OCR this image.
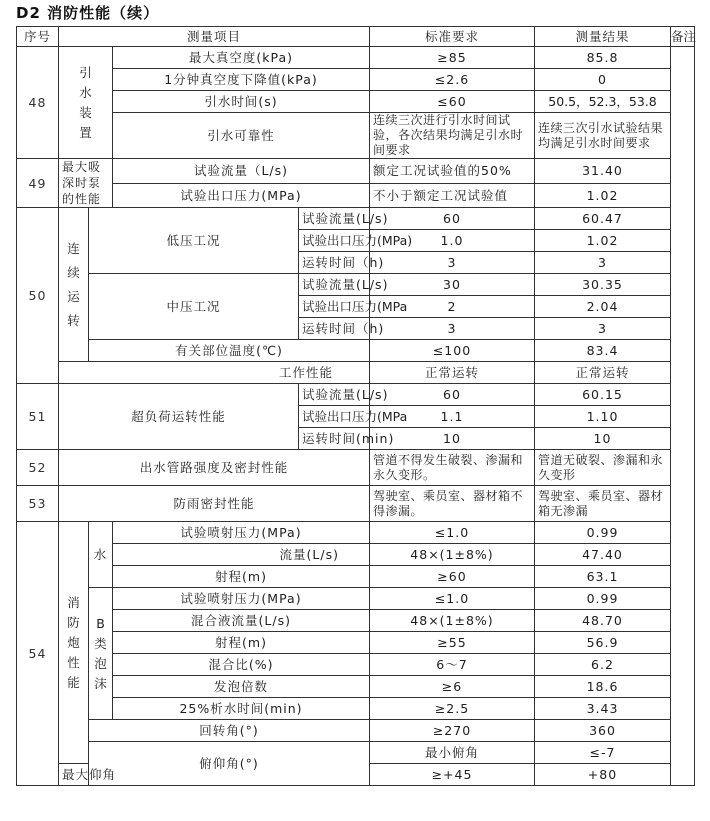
D2 消防性能（续）
序号	测量项目				标准要求	测量结果	备注	
48	引水装置		最大真空度(kPa)		≥85	85.8		
			1分钟真空度下降值(kPa)		≤2.6	0		
			引水时间(s)		≤60	50.5，52.3，53.8		
			引水可靠性		连续三次进行引水时间试验，各次结果均满足引水时间要求	连续三次引水试验结果均满足引水时间要求		
49	最大吸深时泵的性能		试验流量（L/s)		额定工况试验值的50%	31.40		
			试验出口压力(MPa)		不小于额定工况试验值	1.02		
50	连续运转	低压工况		试验流量(L/s)	60	60.47		
				试验出口压力(MPa)	1.0	1.02		
				运转时间（h)	3	3		
		中压工况		试验流量(L/s)	30	30.35		
				试验出口压力(MPa	2	2.04		
				运转时间（h)	3	3		
		有关部位温度(℃)			≤100	83.4		
	工作性能				正常运转	正常运转		
51	超负荷运转性能			试验流量(L/s)	60	60.15		
				试验出口压力(MPa	1.1	1.10		
				运转时间(min)	10	10		
52	出水管路强度及密封性能				管道不得发生破裂、渗漏和永久变形。	管道无破裂、渗漏和永久变形		
53	防雨密封性能				驾驶室、乘员室、器材箱不得渗漏。	驾驶室、乘员室、器材箱无渗漏		
54	消防炮性能	水	试验喷射压力(MPa)		≤1.0	0.99		
			流量(L/s)		48×(1±8%)	47.40		
			射程(m)		≥60	63.1		

		B类泡沫	试验喷射压力(MPa)		≤1.0	0.99		
			混合液流量(L/s)		48×(1±8%)	48.70		
			射程(m)		≥55	56.9		
			混合比(%)		6～7	6.2		
			发泡倍数		≥6	18.6		
			25%析水时间(min)		≥2.5	3.43		
		回转角(°)			≥270	360		
		俯仰角(°)			最小俯角	≤-7	
	最大仰角				≥+45	+80		
